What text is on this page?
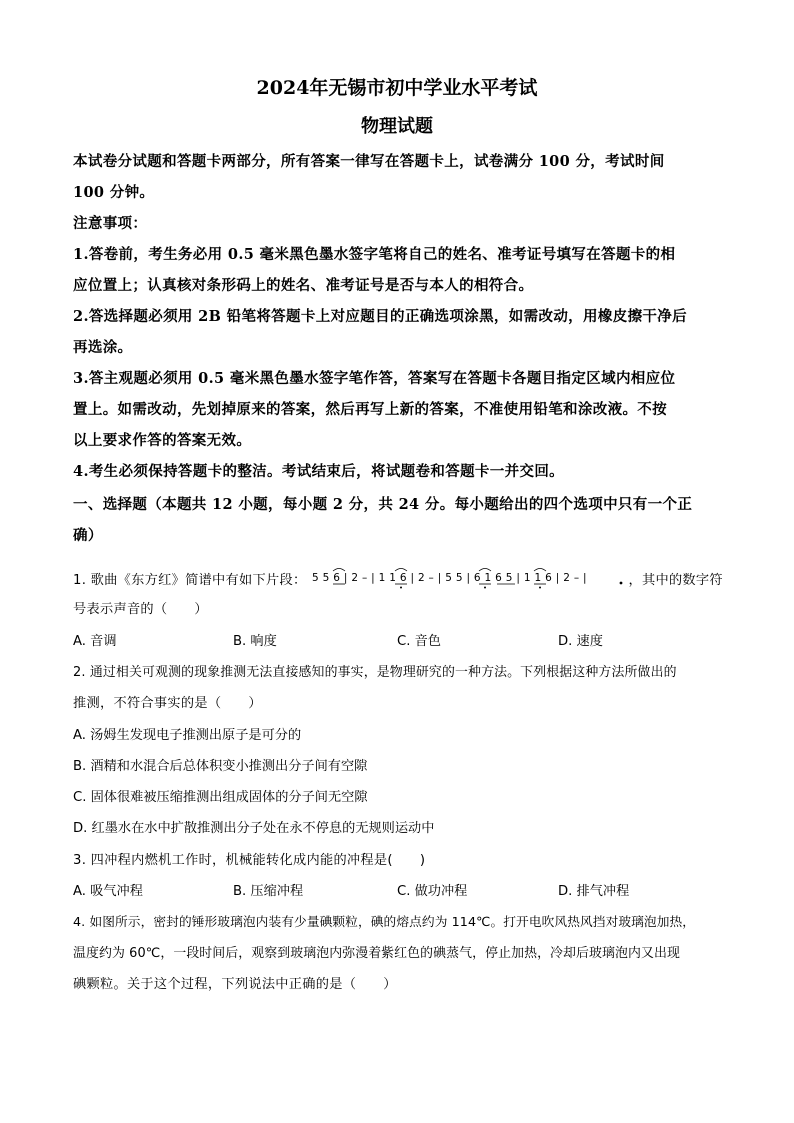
2024年无锡市初中学业水平考试
物理试题
本试卷分试题和答题卡两部分，所有答案一律写在答题卡上，试卷满分 100 分，考试时间
100 分钟。
注意事项：
1.答卷前，考生务必用 0.5 毫米黑色墨水签字笔将自己的姓名、准考证号填写在答题卡的相
应位置上；认真核对条形码上的姓名、准考证号是否与本人的相符合。
2.答选择题必须用 2B 铅笔将答题卡上对应题目的正确选项涂黑，如需改动，用橡皮擦干净后
再选涂。
3.答主观题必须用 0.5 毫米黑色墨水签字笔作答，答案写在答题卡各题目指定区域内相应位
置上。如需改动，先划掉原来的答案，然后再写上新的答案，不准使用铅笔和涂改液。不按
以上要求作答的答案无效。
4.考生必须保持答题卡的整洁。考试结束后，将试题卷和答题卡一并交回。
一、选择题（本题共 12 小题，每小题 2 分，共 24 分。每小题给出的四个选项中只有一个正
确）
1. 歌曲《东方红》简谱中有如下片段： 5 5 6 | 2 – | 1 1 6 | 2 – | 5 5 | 6 1 6 5 | 1 1 6 | 2 – |	，其中的数字符
号表示声音的（　　）
A. 音调	B. 响度	C. 音色	D. 速度
2. 通过相关可观测的现象推测无法直接感知的事实，是物理研究的一种方法。下列根据这种方法所做出的
推测，不符合事实的是（　　）
A. 汤姆生发现电子推测出原子是可分的
B. 酒精和水混合后总体积变小推测出分子间有空隙
C. 固体很难被压缩推测出组成固体的分子间无空隙
D. 红墨水在水中扩散推测出分子处在永不停息的无规则运动中
3. 四冲程内燃机工作时，机械能转化成内能的冲程是(　　)
A. 吸气冲程	B. 压缩冲程	C. 做功冲程	D. 排气冲程
4. 如图所示，密封的锤形玻璃泡内装有少量碘颗粒，碘的熔点约为 114℃。打开电吹风热风挡对玻璃泡加热，
温度约为 60℃，一段时间后，观察到玻璃泡内弥漫着紫红色的碘蒸气，停止加热，冷却后玻璃泡内又出现
碘颗粒。关于这个过程，下列说法中正确的是（　　）
